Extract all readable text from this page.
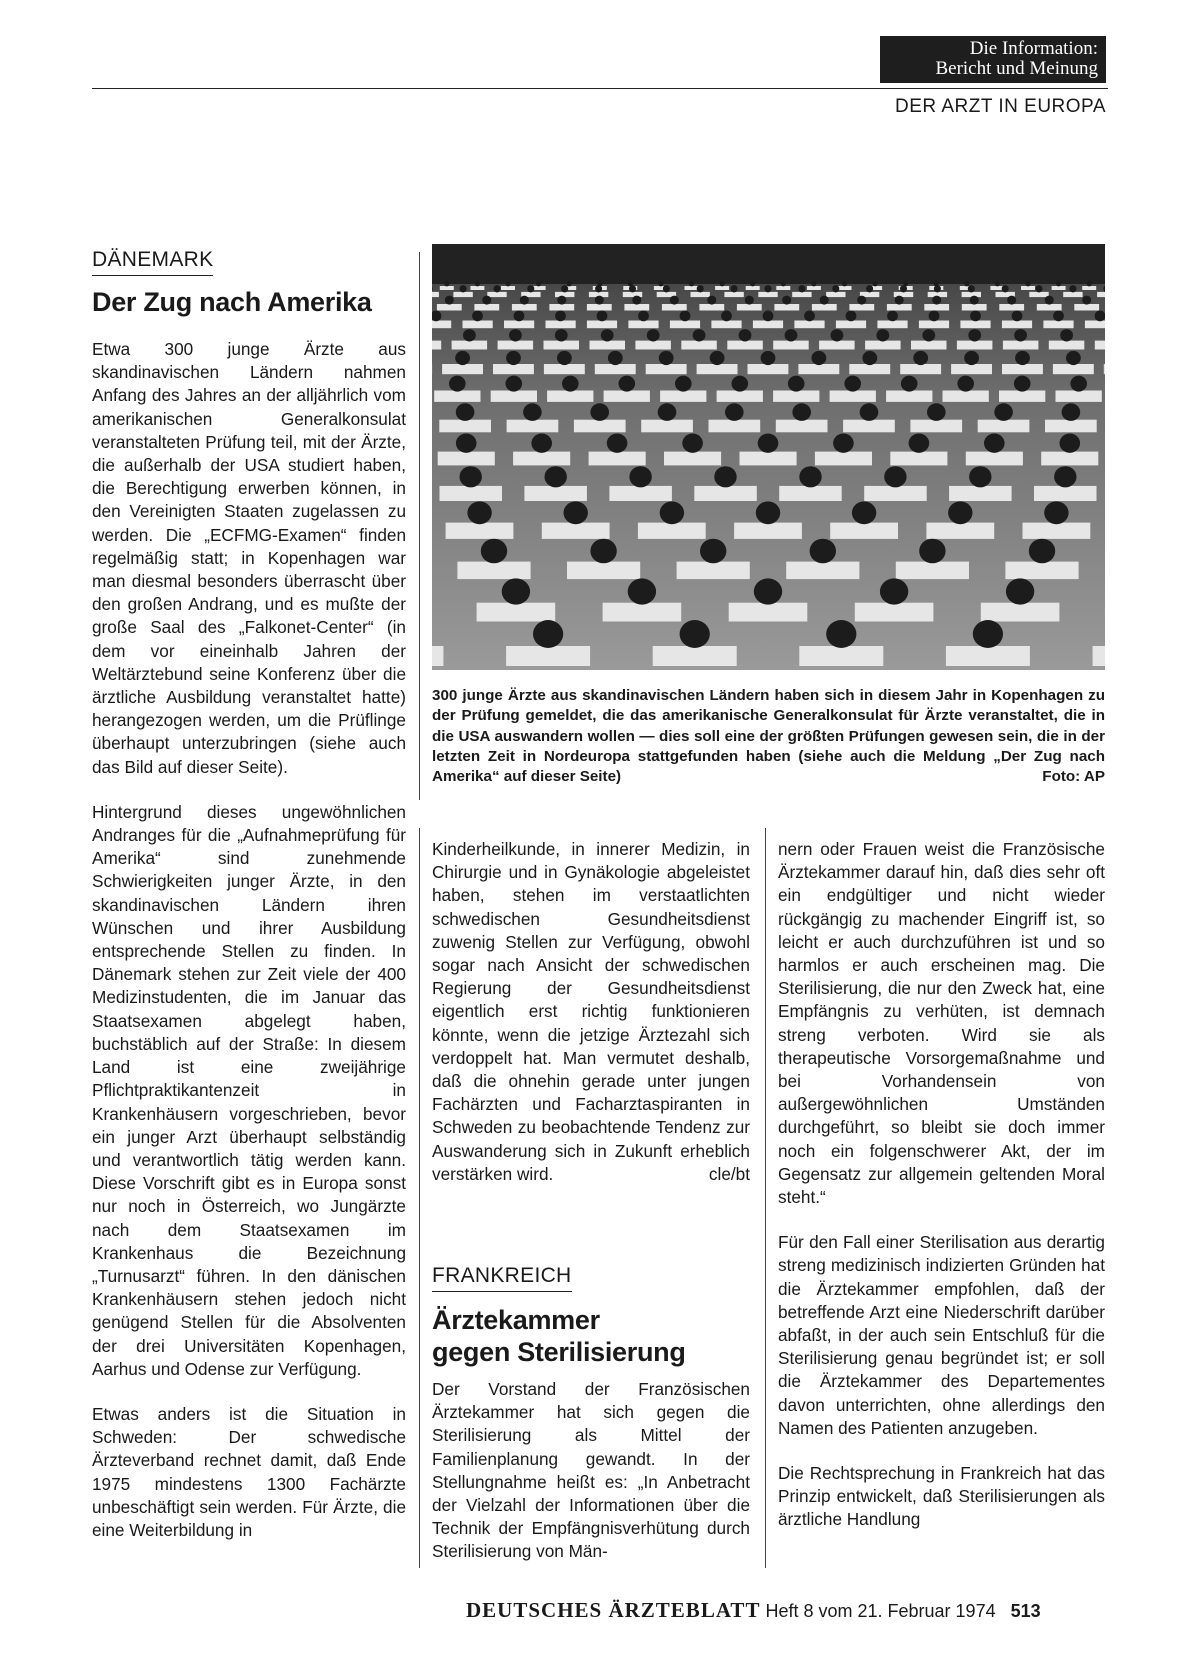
Die Information:
Bericht und Meinung
DER ARZT IN EUROPA
DÄNEMARK
Der Zug nach Amerika

Etwa 300 junge Ärzte aus skandinavischen Ländern nahmen Anfang des Jahres an der alljährlich vom amerikanischen Generalkonsulat veranstalteten Prüfung teil, mit der Ärzte, die außerhalb der USA studiert haben, die Berechtigung erwerben können, in den Vereinigten Staaten zugelassen zu werden. Die „ECFMG-Examen“ finden regelmäßig statt; in Kopenhagen war man diesmal besonders überrascht über den großen Andrang, und es mußte der große Saal des „Falkonet-Center“ (in dem vor eineinhalb Jahren der Weltärztebund seine Konferenz über die ärztliche Ausbildung veranstaltet hatte) herangezogen werden, um die Prüflinge überhaupt unterzubringen (siehe auch das Bild auf dieser Seite).

Hintergrund dieses ungewöhnlichen Andranges für die „Aufnahmeprüfung für Amerika“ sind zunehmende Schwierigkeiten junger Ärzte, in den skandinavischen Ländern ihren Wünschen und ihrer Ausbildung entsprechende Stellen zu finden. In Dänemark stehen zur Zeit viele der 400 Medizinstudenten, die im Januar das Staatsexamen abgelegt haben, buchstäblich auf der Straße: In diesem Land ist eine zweijährige Pflichtpraktikantenzeit in Krankenhäusern vorgeschrieben, bevor ein junger Arzt überhaupt selbständig und verantwortlich tätig werden kann. Diese Vorschrift gibt es in Europa sonst nur noch in Österreich, wo Jungärzte nach dem Staatsexamen im Krankenhaus die Bezeichnung „Turnusarzt“ führen. In den dänischen Krankenhäusern stehen jedoch nicht genügend Stellen für die Absolventen der drei Universitäten Kopenhagen, Aarhus und Odense zur Verfügung.

Etwas anders ist die Situation in Schweden: Der schwedische Ärzteverband rechnet damit, daß Ende 1975 mindestens 1300 Fachärzte unbeschäftigt sein werden. Für Ärzte, die eine Weiterbildung in

300 junge Ärzte aus skandinavischen Ländern haben sich in diesem Jahr in Kopenhagen zu der Prüfung gemeldet, die das amerikanische Generalkonsulat für Ärzte veranstaltet, die in die USA auswandern wollen — dies soll eine der größten Prüfungen gewesen sein, die in der letzten Zeit in Nordeuropa stattgefunden haben (siehe auch die Meldung „Der Zug nach Amerika“ auf dieser Seite)	Foto: AP

Kinderheilkunde, in innerer Medizin, in Chirurgie und in Gynäkologie abgeleistet haben, stehen im verstaatlichten schwedischen Gesundheitsdienst zuwenig Stellen zur Verfügung, obwohl sogar nach Ansicht der schwedischen Regierung der Gesundheitsdienst eigentlich erst richtig funktionieren könnte, wenn die jetzige Ärztezahl sich verdoppelt hat. Man vermutet deshalb, daß die ohnehin gerade unter jungen Fachärzten und Facharztaspiranten in Schweden zu beobachtende Tendenz zur Auswanderung sich in Zukunft erheblich verstärken wird.	cle/bt

FRANKREICH
Ärztekammer
gegen Sterilisierung

Der Vorstand der Französischen Ärztekammer hat sich gegen die Sterilisierung als Mittel der Familienplanung gewandt. In der Stellungnahme heißt es: „In Anbetracht der Vielzahl der Informationen über die Technik der Empfängnisverhütung durch Sterilisierung von Män-

nern oder Frauen weist die Französische Ärztekammer darauf hin, daß dies sehr oft ein endgültiger und nicht wieder rückgängig zu machender Eingriff ist, so leicht er auch durchzuführen ist und so harmlos er auch erscheinen mag. Die Sterilisierung, die nur den Zweck hat, eine Empfängnis zu verhüten, ist demnach streng verboten. Wird sie als therapeutische Vorsorgemaßnahme und bei Vorhandensein von außergewöhnlichen Umständen durchgeführt, so bleibt sie doch immer noch ein folgenschwerer Akt, der im Gegensatz zur allgemein geltenden Moral steht.“

Für den Fall einer Sterilisation aus derartig streng medizinisch indizierten Gründen hat die Ärztekammer empfohlen, daß der betreffende Arzt eine Niederschrift darüber abfaßt, in der auch sein Entschluß für die Sterilisierung genau begründet ist; er soll die Ärztekammer des Departementes davon unterrichten, ohne allerdings den Namen des Patienten anzugeben.

Die Rechtsprechung in Frankreich hat das Prinzip entwickelt, daß Sterilisierungen als ärztliche Handlung

DEUTSCHES ÄRZTEBLATT Heft 8 vom 21. Februar 1974 513
